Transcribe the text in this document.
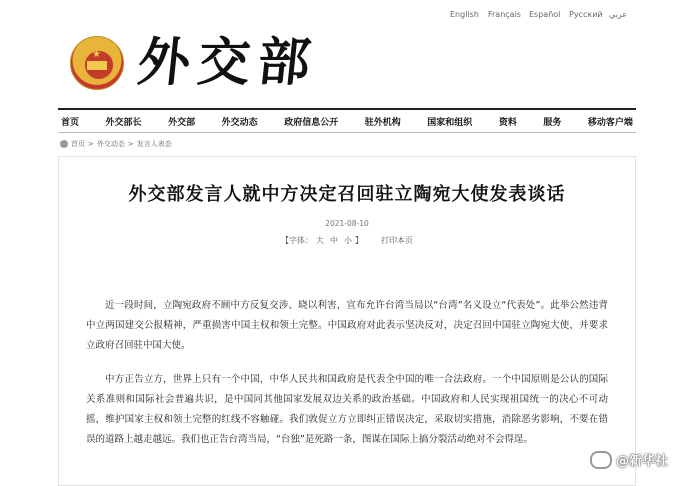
English Français Español Русский عربي
★ 外交部
首页	外交部长	外交部	外交动态	政府信息公开	驻外机构	国家和组织	资料	服务	移动客户端
首页 > 外交动态 > 发言人表态
外交部发言人就中方决定召回驻立陶宛大使发表谈话
2021-08-10
【字体： 大 中 小 】 打印本页
近一段时间，立陶宛政府不顾中方反复交涉、晓以利害，宣布允许台湾当局以“台湾”名义设立“代表处”。此举公然违背中立两国建交公报精神，严重损害中国主权和领土完整。中国政府对此表示坚决反对，决定召回中国驻立陶宛大使，并要求立政府召回驻中国大使。
中方正告立方，世界上只有一个中国，中华人民共和国政府是代表全中国的唯一合法政府。一个中国原则是公认的国际关系准则和国际社会普遍共识，是中国同其他国家发展双边关系的政治基础。中国政府和人民实现祖国统一的决心不可动摇，维护国家主权和领土完整的红线不容触碰。我们敦促立方立即纠正错误决定，采取切实措施，消除恶劣影响，不要在错误的道路上越走越远。我们也正告台湾当局，“台独”是死路一条，图谋在国际上搞分裂活动绝对不会得逞。
@新华社
